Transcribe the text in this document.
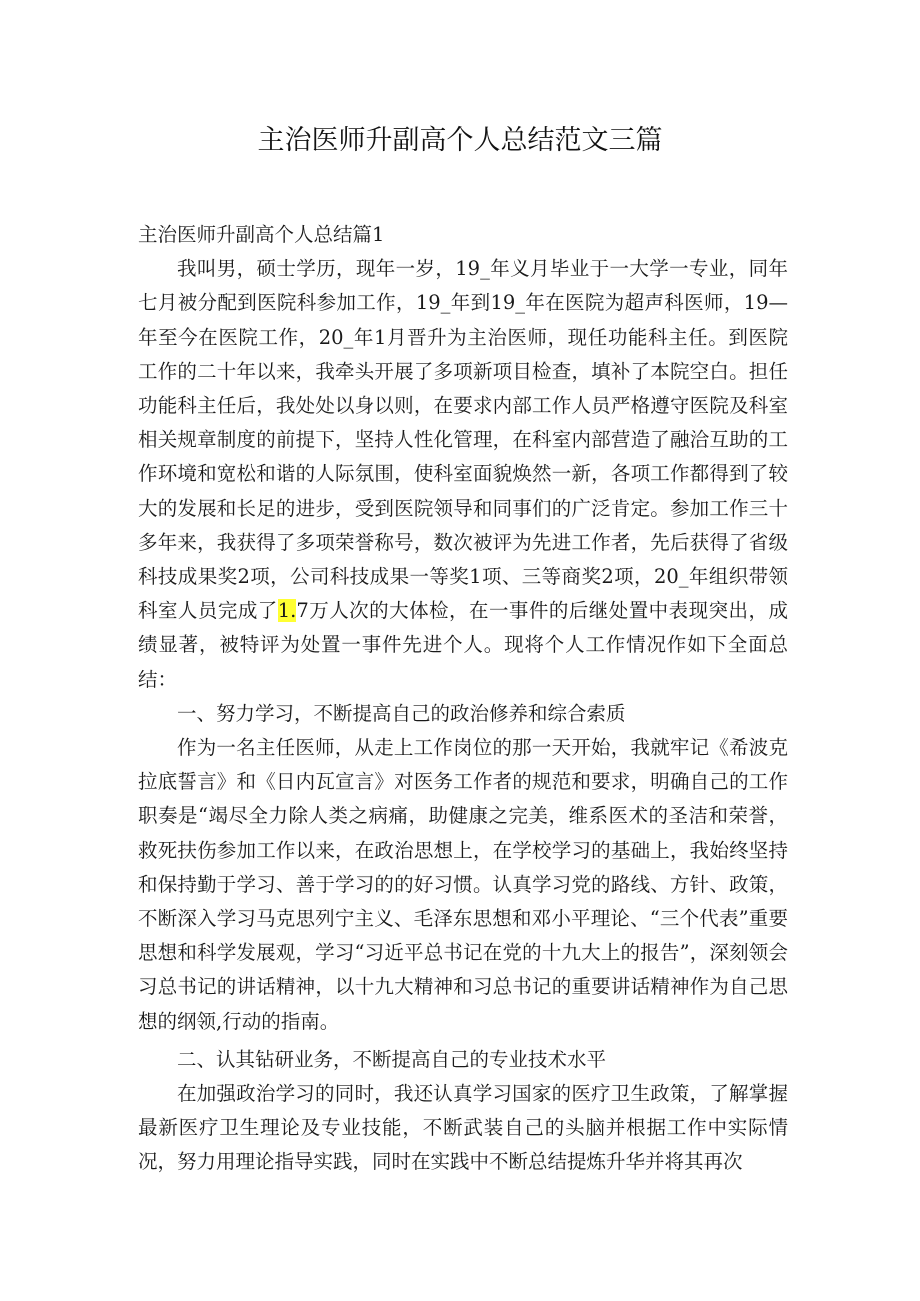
主治医师升副高个人总结范文三篇

主治医师升副高个人总结篇1

我叫男，硕士学历，现年一岁，19_年义月毕业于一大学一专业，同年七月被分配到医院科参加工作，19_年到19_年在医院为超声科医师，19—年至今在医院工作，20_年1月晋升为主治医师，现任功能科主任。到医院工作的二十年以来，我牵头开展了多项新项目检查，填补了本院空白。担任功能科主任后，我处处以身以则，在要求内部工作人员严格遵守医院及科室相关规章制度的前提下，坚持人性化管理，在科室内部营造了融洽互助的工作环境和宽松和谐的人际氛围，使科室面貌焕然一新，各项工作都得到了较大的发展和长足的进步，受到医院领导和同事们的广泛肯定。参加工作三十多年来，我获得了多项荣誉称号，数次被评为先进工作者，先后获得了省级科技成果奖2项，公司科技成果一等奖1项、三等商奖2项，20_年组织带领科室人员完成了1.7万人次的大体检，在一事件的后继处置中表现突出，成绩显著，被特评为处置一事件先进个人。现将个人工作情况作如下全面总结：

一、努力学习，不断提高自己的政治修养和综合索质

作为一名主任医师，从走上工作岗位的那一天开始，我就牢记《希波克拉底誓言》和《日内瓦宣言》对医务工作者的规范和要求，明确自己的工作职奏是“竭尽全力除人类之病痛，助健康之完美，维系医术的圣洁和荣誉，救死扶伤参加工作以来，在政治思想上，在学校学习的基础上，我始终坚持和保持勤于学习、善于学习的的好习惯。认真学习党的路线、方针、政策，不断深入学习马克思列宁主义、毛泽东思想和邓小平理论、“三个代表”重要思想和科学发展观，学习“习近平总书记在党的十九大上的报告”，深刻领会习总书记的讲话精神，以十九大精神和习总书记的重要讲话精神作为自己思想的纲领,行动的指南。

二、认其钻研业务，不断提高自己的专业技术水平

在加强政治学习的同时，我还认真学习国家的医疗卫生政策，了解掌握最新医疗卫生理论及专业技能，不断武装自己的头脑并根据工作中实际情况，努力用理论指导实践，同时在实践中不断总结提炼升华并将其再次
